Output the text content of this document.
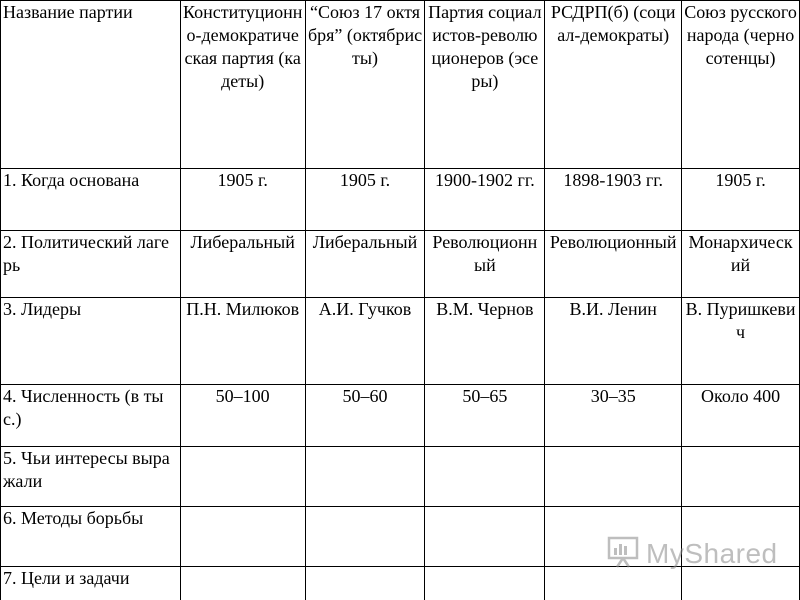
Название партии	Конституционно-демократическая партия (кадеты)	“Союз 17 октября” (октябристы)	Партия социалистов-революционеров (эсеры)	РСДРП(б) (социал-демократы)	Союз русского народа (черносотенцы)
1. Когда основана	1905 г.	1905 г.	1900-1902 гг.	1898-1903 гг.	1905 г.
2. Политический лагерь	Либеральный	Либеральный	Революционный	Революционный	Монархический
3. Лидеры	П.Н. Милюков	А.И. Гучков	В.М. Чернов	В.И. Ленин	В. Пуришкевич
4. Численность (в тыс.)	50–100	50–60	50–65	30–35	Около 400
5. Чьи интересы выражали					
6. Методы борьбы					
7. Цели и задачи					
MyShared
